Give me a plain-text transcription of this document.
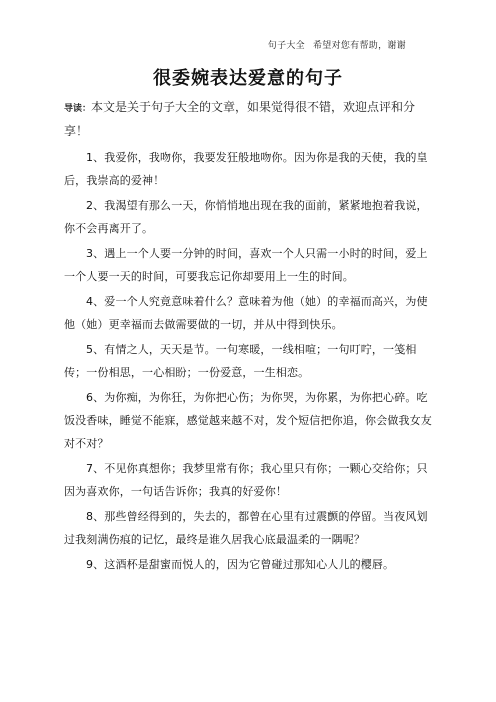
句子大全 希望对您有帮助，谢谢
很委婉表达爱意的句子

导读：本文是关于句子大全的文章，如果觉得很不错，欢迎点评和分享！

1、我爱你，我吻你，我要发狂般地吻你。因为你是我的天使，我的皇后，我崇高的爱神！

2、我渴望有那么一天，你悄悄地出现在我的面前，紧紧地抱着我说，你不会再离开了。

3、遇上一个人要一分钟的时间，喜欢一个人只需一小时的时间，爱上一个人要一天的时间，可要我忘记你却要用上一生的时间。

4、爱一个人究竟意味着什么？意味着为他（她）的幸福而高兴，为使他（她）更幸福而去做需要做的一切，并从中得到快乐。

5、有情之人，天天是节。一句寒暖，一线相喧；一句叮咛，一笺相传；一份相思，一心相盼；一份爱意，一生相恋。

6、为你痴，为你狂，为你把心伤；为你哭，为你累，为你把心碎。吃饭没香味，睡觉不能寐，感觉越来越不对，发个短信把你追，你会做我女友对不对？

7、不见你真想你；我梦里常有你；我心里只有你；一颗心交给你；只因为喜欢你，一句话告诉你；我真的好爱你！

8、那些曾经得到的，失去的，都曾在心里有过震颤的停留。当夜风划过我刻满伤痕的记忆，最终是谁久居我心底最温柔的一隅呢？

9、这酒杯是甜蜜而悦人的，因为它曾碰过那知心人儿的樱唇。
